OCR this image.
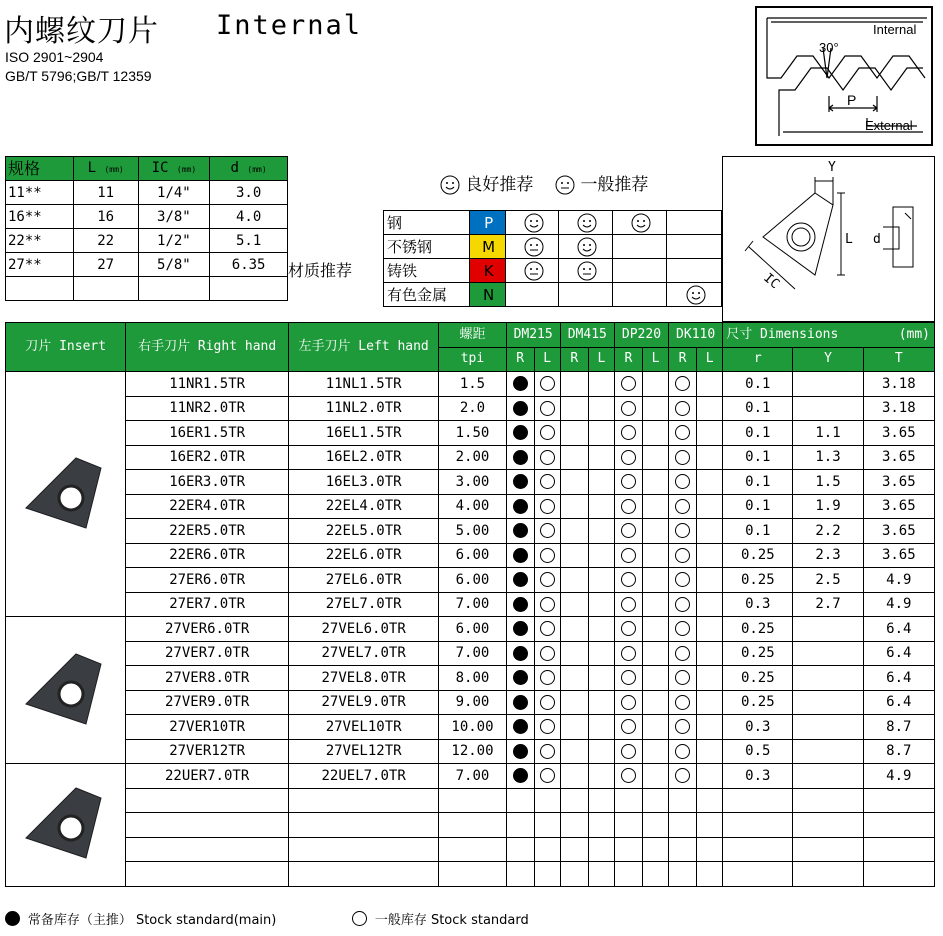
内螺纹刀片 Internal
ISO 2901~2904
GB/T 5796;GB/T 12359
Internal
External
30°
P
规格	L (mm)	IC (mm)	d (mm)
11**	11	1/4"	3.0
16**	16	3/8"	4.0
22**	22	1/2"	5.1
27**	27	5/8"	6.35

良好推荐	一般推荐
材质推荐
钢	P				
不锈钢	M				
铸铁	K				
有色金属	N				
Y
L
IC
d
刀片 Insert	右手刀片 Right hand	左手刀片 Left hand	螺距	DM215		DM415		DP220		DK110		尺寸 Dimensions (mm)		

			tpi	R	L	R	L	R	L	R	L	r	Y	T
	11NR1.5TR	11NL1.5TR	1.5									0.1		3.18
	11NR2.0TR	11NL2.0TR	2.0									0.1		3.18
	16ER1.5TR	16EL1.5TR	1.50									0.1	1.1	3.65
	16ER2.0TR	16EL2.0TR	2.00									0.1	1.3	3.65
	16ER3.0TR	16EL3.0TR	3.00									0.1	1.5	3.65
	22ER4.0TR	22EL4.0TR	4.00									0.1	1.9	3.65
	22ER5.0TR	22EL5.0TR	5.00									0.1	2.2	3.65
	22ER6.0TR	22EL6.0TR	6.00									0.25	2.3	3.65
	27ER6.0TR	27EL6.0TR	6.00									0.25	2.5	4.9
	27ER7.0TR	27EL7.0TR	7.00									0.3	2.7	4.9
	27VER6.0TR	27VEL6.0TR	6.00									0.25		6.4
	27VER7.0TR	27VEL7.0TR	7.00									0.25		6.4
	27VER8.0TR	27VEL8.0TR	8.00									0.25		6.4
	27VER9.0TR	27VEL9.0TR	9.00									0.25		6.4
	27VER10TR	27VEL10TR	10.00									0.3		8.7
	27VER12TR	27VEL12TR	12.00									0.5		8.7
	22UER7.0TR	22UEL7.0TR	7.00									0.3		4.9

常备库存（主推） Stock standard(main)	一般库存 Stock standard
